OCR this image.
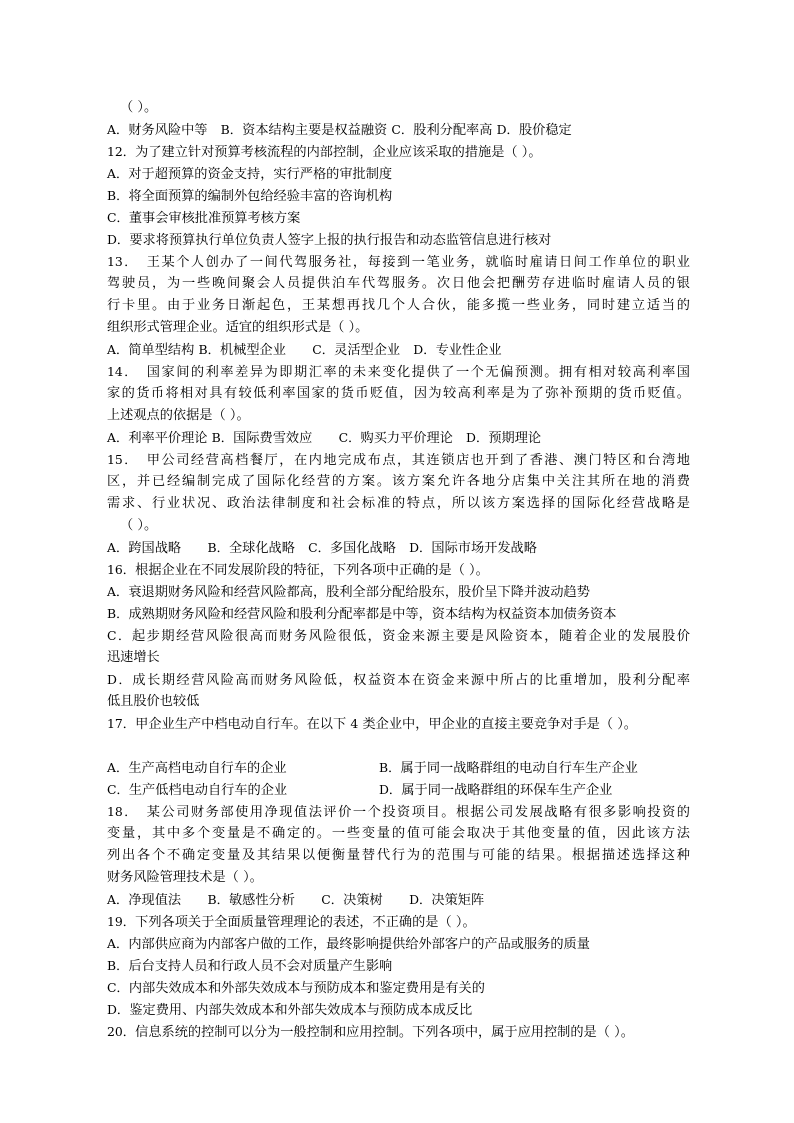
（ ）。
A．财务风险中等　B．资本结构主要是权益融资 C．股利分配率高 D．股价稳定
12．为了建立针对预算考核流程的内部控制，企业应该采取的措施是（ ）。
A．对于超预算的资金支持，实行严格的审批制度
B．将全面预算的编制外包给经验丰富的咨询机构
C．董事会审核批准预算考核方案
D．要求将预算执行单位负责人签字上报的执行报告和动态监管信息进行核对
13．　王某个人创办了一间代驾服务社，每接到一笔业务，就临时雇请日间工作单位的职业
驾驶员，为一些晚间聚会人员提供泊车代驾服务。次日他会把酬劳存进临时雇请人员的银
行卡里。由于业务日渐起色，王某想再找几个人合伙，能多揽一些业务，同时建立适当的
组织形式管理企业。适宜的组织形式是（ ）。
A．简单型结构 B．机械型企业　　C．灵活型企业　D．专业性企业
14．　国家间的利率差异为即期汇率的未来变化提供了一个无偏预测。拥有相对较高利率国
家的货币将相对具有较低利率国家的货币贬值，因为较高利率是为了弥补预期的货币贬值。
上述观点的依据是（ ）。
A．利率平价理论 B．国际费雪效应　　C．购买力平价理论　D．预期理论
15．　甲公司经营高档餐厅，在内地完成布点，其连锁店也开到了香港、澳门特区和台湾地
区，并已经编制完成了国际化经营的方案。该方案允许各地分店集中关注其所在地的消费
需求、行业状况、政治法律制度和社会标准的特点，所以该方案选择的国际化经营战略是
（ ）。
A．跨国战略　　B．全球化战略　C．多国化战略　D．国际市场开发战略
16．根据企业在不同发展阶段的特征，下列各项中正确的是（ ）。
A．衰退期财务风险和经营风险都高，股利全部分配给股东，股价呈下降并波动趋势
B．成熟期财务风险和经营风险和股利分配率都是中等，资本结构为权益资本加债务资本
C．起步期经营风险很高而财务风险很低，资金来源主要是风险资本，随着企业的发展股价
迅速增长
D．成长期经营风险高而财务风险低，权益资本在资金来源中所占的比重增加，股利分配率
低且股价也较低
17．甲企业生产中档电动自行车。在以下 4 类企业中，甲企业的直接主要竞争对手是（ ）。

A．生产高档电动自行车的企业

	B．属于同一战略群组的电动自行车生产企业

C．生产低档电动自行车的企业

	D．属于同一战略群组的环保车生产企业

18．　某公司财务部使用净现值法评价一个投资项目。根据公司发展战略有很多影响投资的
变量，其中多个变量是不确定的。一些变量的值可能会取决于其他变量的值，因此该方法
列出各个不确定变量及其结果以便衡量替代行为的范围与可能的结果。根据描述选择这种
财务风险管理技术是（ ）。
A．净现值法　　B．敏感性分析　　C．决策树　　D．决策矩阵
19．下列各项关于全面质量管理理论的表述，不正确的是（ ）。
A．内部供应商为内部客户做的工作，最终影响提供给外部客户的产品或服务的质量
B．后台支持人员和行政人员不会对质量产生影响
C．内部失效成本和外部失效成本与预防成本和鉴定费用是有关的
D．鉴定费用、内部失效成本和外部失效成本与预防成本成反比
20．信息系统的控制可以分为一般控制和应用控制。下列各项中，属于应用控制的是（ ）。
